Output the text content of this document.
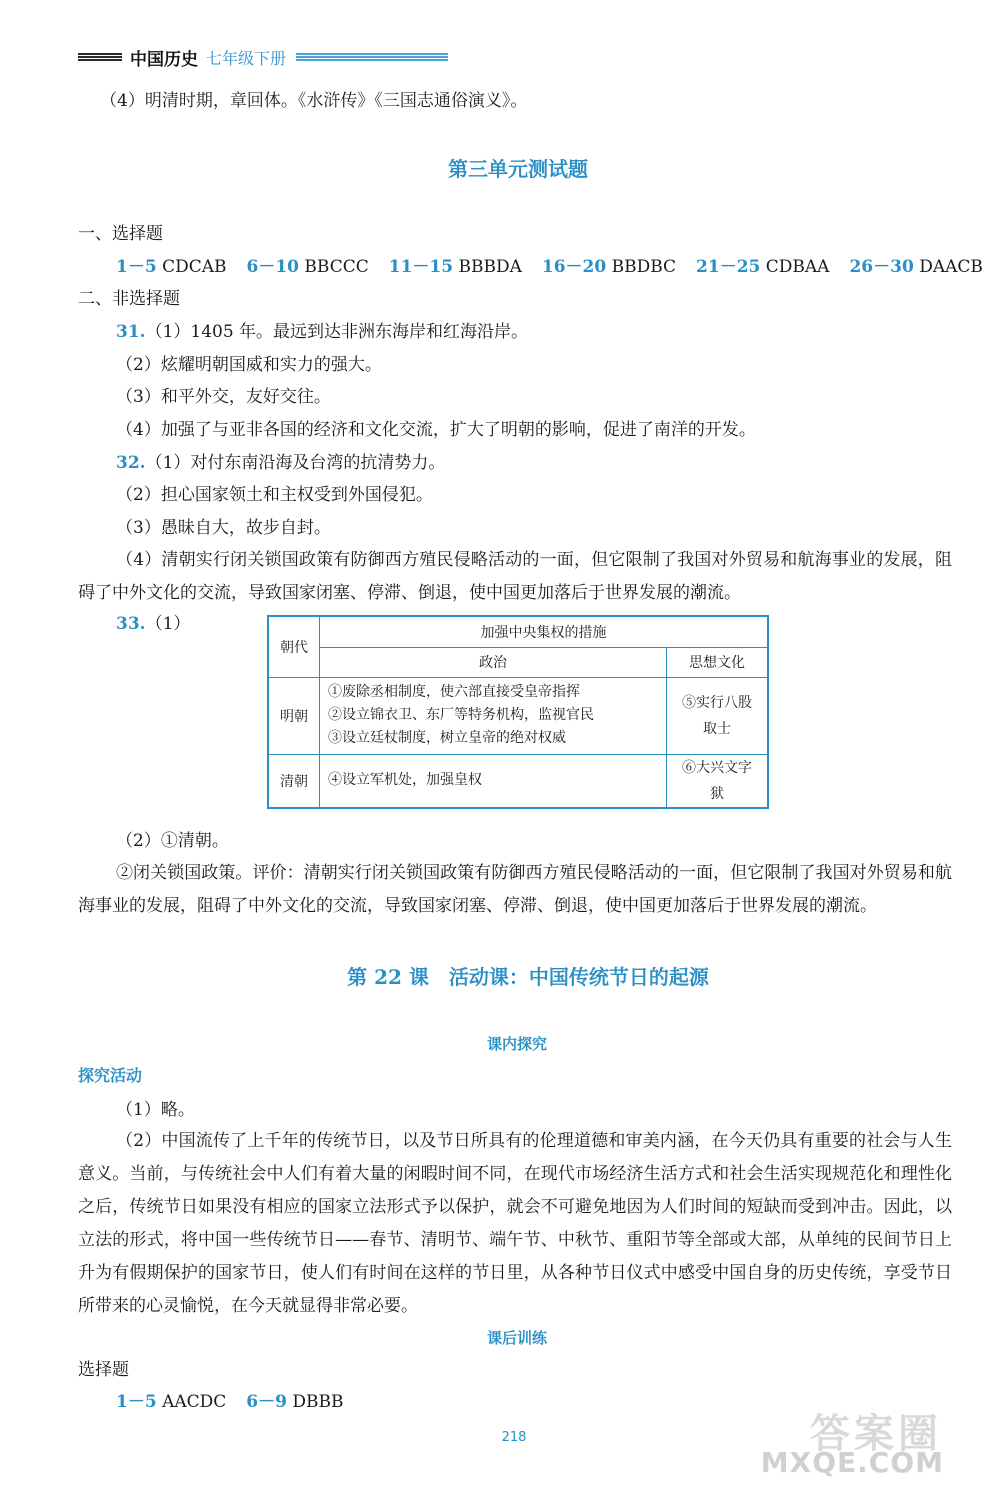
中国历史 七年级下册
（4）明清时期，章回体。《水浒传》《三国志通俗演义》。
第三单元测试题
一、选择题
1－5 CDCAB 6－10 BBCCC 11－15 BBBDA 16－20 BBDBC 21－25 CDBAA 26－30 DAACB
二、非选择题
31.（1）1405 年。最远到达非洲东海岸和红海沿岸。
（2）炫耀明朝国威和实力的强大。
（3）和平外交，友好交往。
（4）加强了与亚非各国的经济和文化交流，扩大了明朝的影响，促进了南洋的开发。
32.（1）对付东南沿海及台湾的抗清势力。
（2）担心国家领土和主权受到外国侵犯。
（3）愚昧自大，故步自封。
（4）清朝实行闭关锁国政策有防御西方殖民侵略活动的一面，但它限制了我国对外贸易和航海事业的发展，阻碍了中外文化的交流，导致国家闭塞、停滞、倒退，使中国更加落后于世界发展的潮流。
33.（1）
朝代	加强中央集权的措施	
	政治	思想文化
明朝	①废除丞相制度，使六部直接受皇帝指挥
②设立锦衣卫、东厂等特务机构，监视官民
③设立廷杖制度，树立皇帝的绝对权威	⑤实行八股取士
清朝	④设立军机处，加强皇权	⑥大兴文字狱
（2）①清朝。
②闭关锁国政策。评价：清朝实行闭关锁国政策有防御西方殖民侵略活动的一面，但它限制了我国对外贸易和航海事业的发展，阻碍了中外文化的交流，导致国家闭塞、停滞、倒退，使中国更加落后于世界发展的潮流。
第 22 课　活动课：中国传统节日的起源
课内探究
探究活动
（1）略。
（2）中国流传了上千年的传统节日，以及节日所具有的伦理道德和审美内涵，在今天仍具有重要的社会与人生意义。当前，与传统社会中人们有着大量的闲暇时间不同，在现代市场经济生活方式和社会生活实现规范化和理性化之后，传统节日如果没有相应的国家立法形式予以保护，就会不可避免地因为人们时间的短缺而受到冲击。因此，以立法的形式，将中国一些传统节日——春节、清明节、端午节、中秋节、重阳节等全部或大部，从单纯的民间节日上升为有假期保护的国家节日，使人们有时间在这样的节日里，从各种节日仪式中感受中国自身的历史传统，享受节日所带来的心灵愉悦，在今天就显得非常必要。
课后训练
选择题
1－5 AACDC 6－9 DBBB
218	答案圈
MXQE.COM
